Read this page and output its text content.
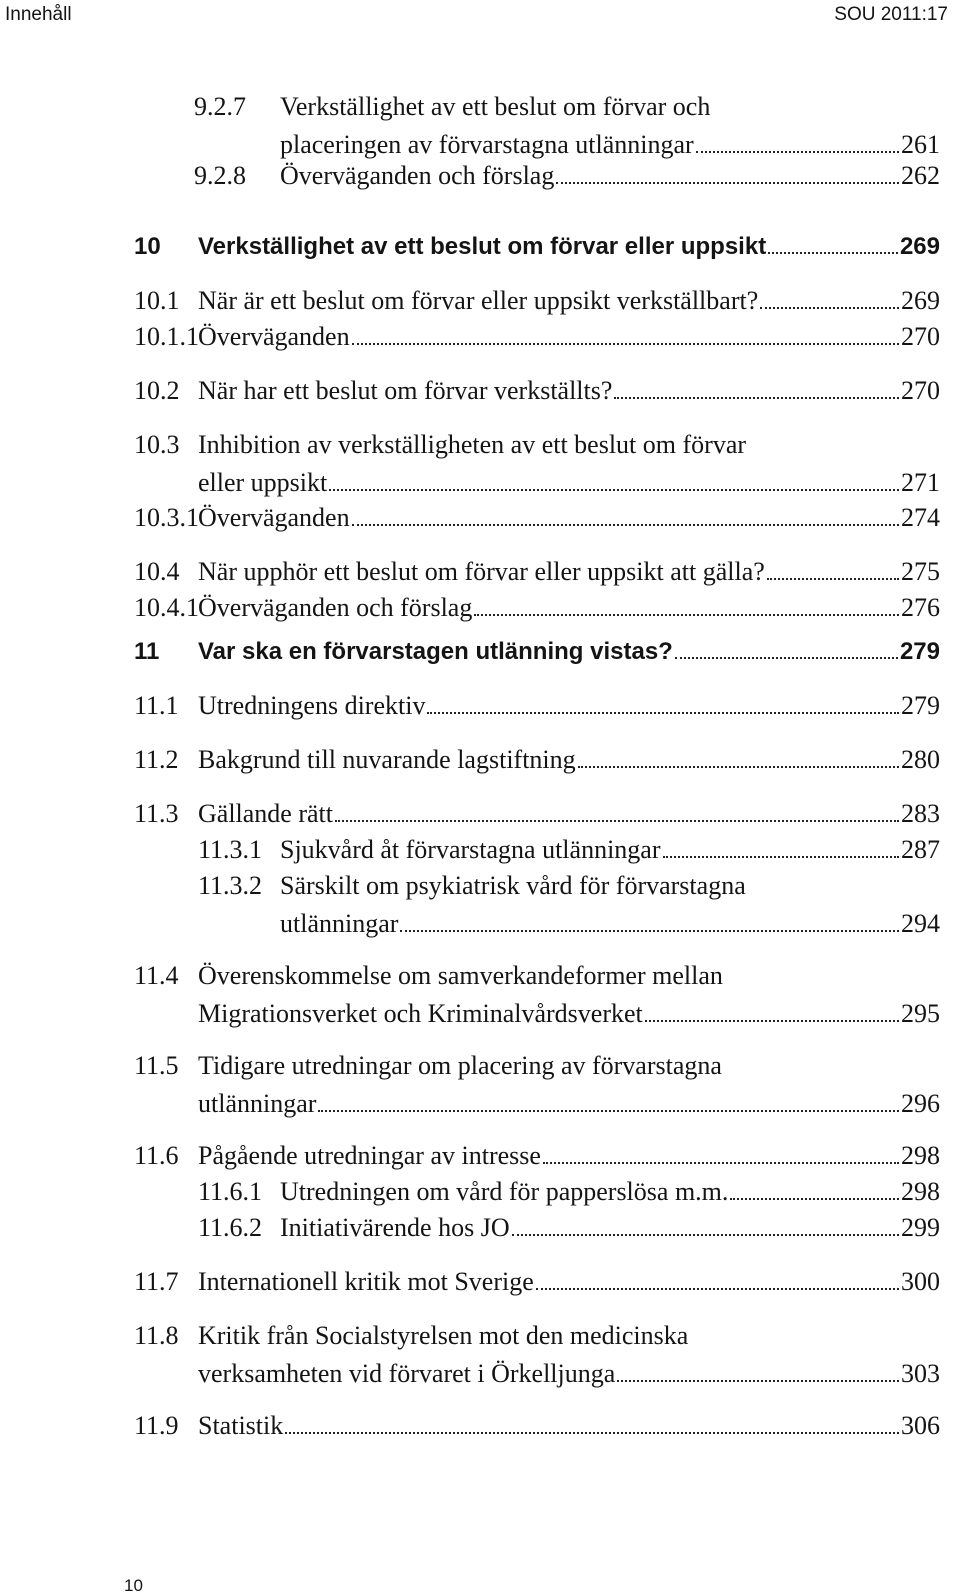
Innehåll	SOU 2011:17
9.2.7 Verkställighet av ett beslut om förvar och
placeringen av förvarstagna utlänningar	261
9.2.8 Överväganden och förslag	262
10 Verkställighet av ett beslut om förvar eller uppsikt	269
10.1 När är ett beslut om förvar eller uppsikt verkställbart?	269
10.1.1 Överväganden	270
10.2 När har ett beslut om förvar verkställts?	270
10.3 Inhibition av verkställigheten av ett beslut om förvar
eller uppsikt	271
10.3.1 Överväganden	274
10.4 När upphör ett beslut om förvar eller uppsikt att gälla?	275
10.4.1 Överväganden och förslag	276
11 Var ska en förvarstagen utlänning vistas?	279
11.1 Utredningens direktiv	279
11.2 Bakgrund till nuvarande lagstiftning	280
11.3 Gällande rätt	283
11.3.1 Sjukvård åt förvarstagna utlänningar	287
11.3.2 Särskilt om psykiatrisk vård för förvarstagna
utlänningar	294
11.4 Överenskommelse om samverkandeformer mellan
Migrationsverket och Kriminalvårdsverket	295
11.5 Tidigare utredningar om placering av förvarstagna
utlänningar	296
11.6 Pågående utredningar av intresse	298
11.6.1 Utredningen om vård för papperslösa m.m.	298
11.6.2 Initiativärende hos JO	299
11.7 Internationell kritik mot Sverige	300
11.8 Kritik från Socialstyrelsen mot den medicinska
verksamheten vid förvaret i Örkelljunga	303
11.9 Statistik	306
10
